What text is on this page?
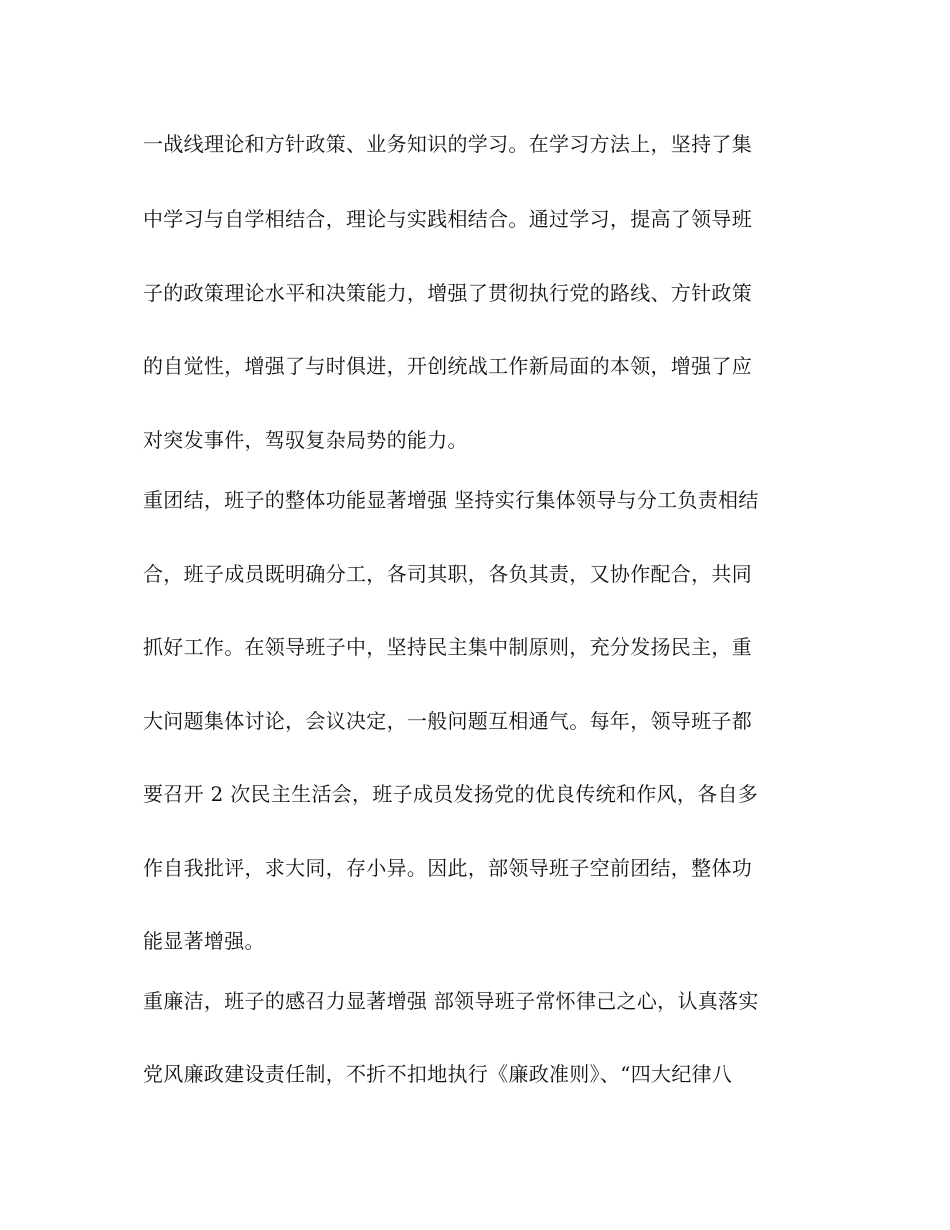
一战线理论和方针政策、业务知识的学习。在学习方法上，坚持了集
中学习与自学相结合，理论与实践相结合。通过学习，提高了领导班
子的政策理论水平和决策能力，增强了贯彻执行党的路线、方针政策
的自觉性，增强了与时俱进，开创统战工作新局面的本领，增强了应
对突发事件，驾驭复杂局势的能力。
重团结，班子的整体功能显著增强 坚持实行集体领导与分工负责相结
合，班子成员既明确分工，各司其职，各负其责，又协作配合，共同
抓好工作。在领导班子中，坚持民主集中制原则，充分发扬民主，重
大问题集体讨论，会议决定，一般问题互相通气。每年，领导班子都
要召开 2 次民主生活会，班子成员发扬党的优良传统和作风，各自多
作自我批评，求大同，存小异。因此，部领导班子空前团结，整体功
能显著增强。
重廉洁，班子的感召力显著增强 部领导班子常怀律己之心，认真落实
党风廉政建设责任制，不折不扣地执行《廉政准则》、“四大纪律八
